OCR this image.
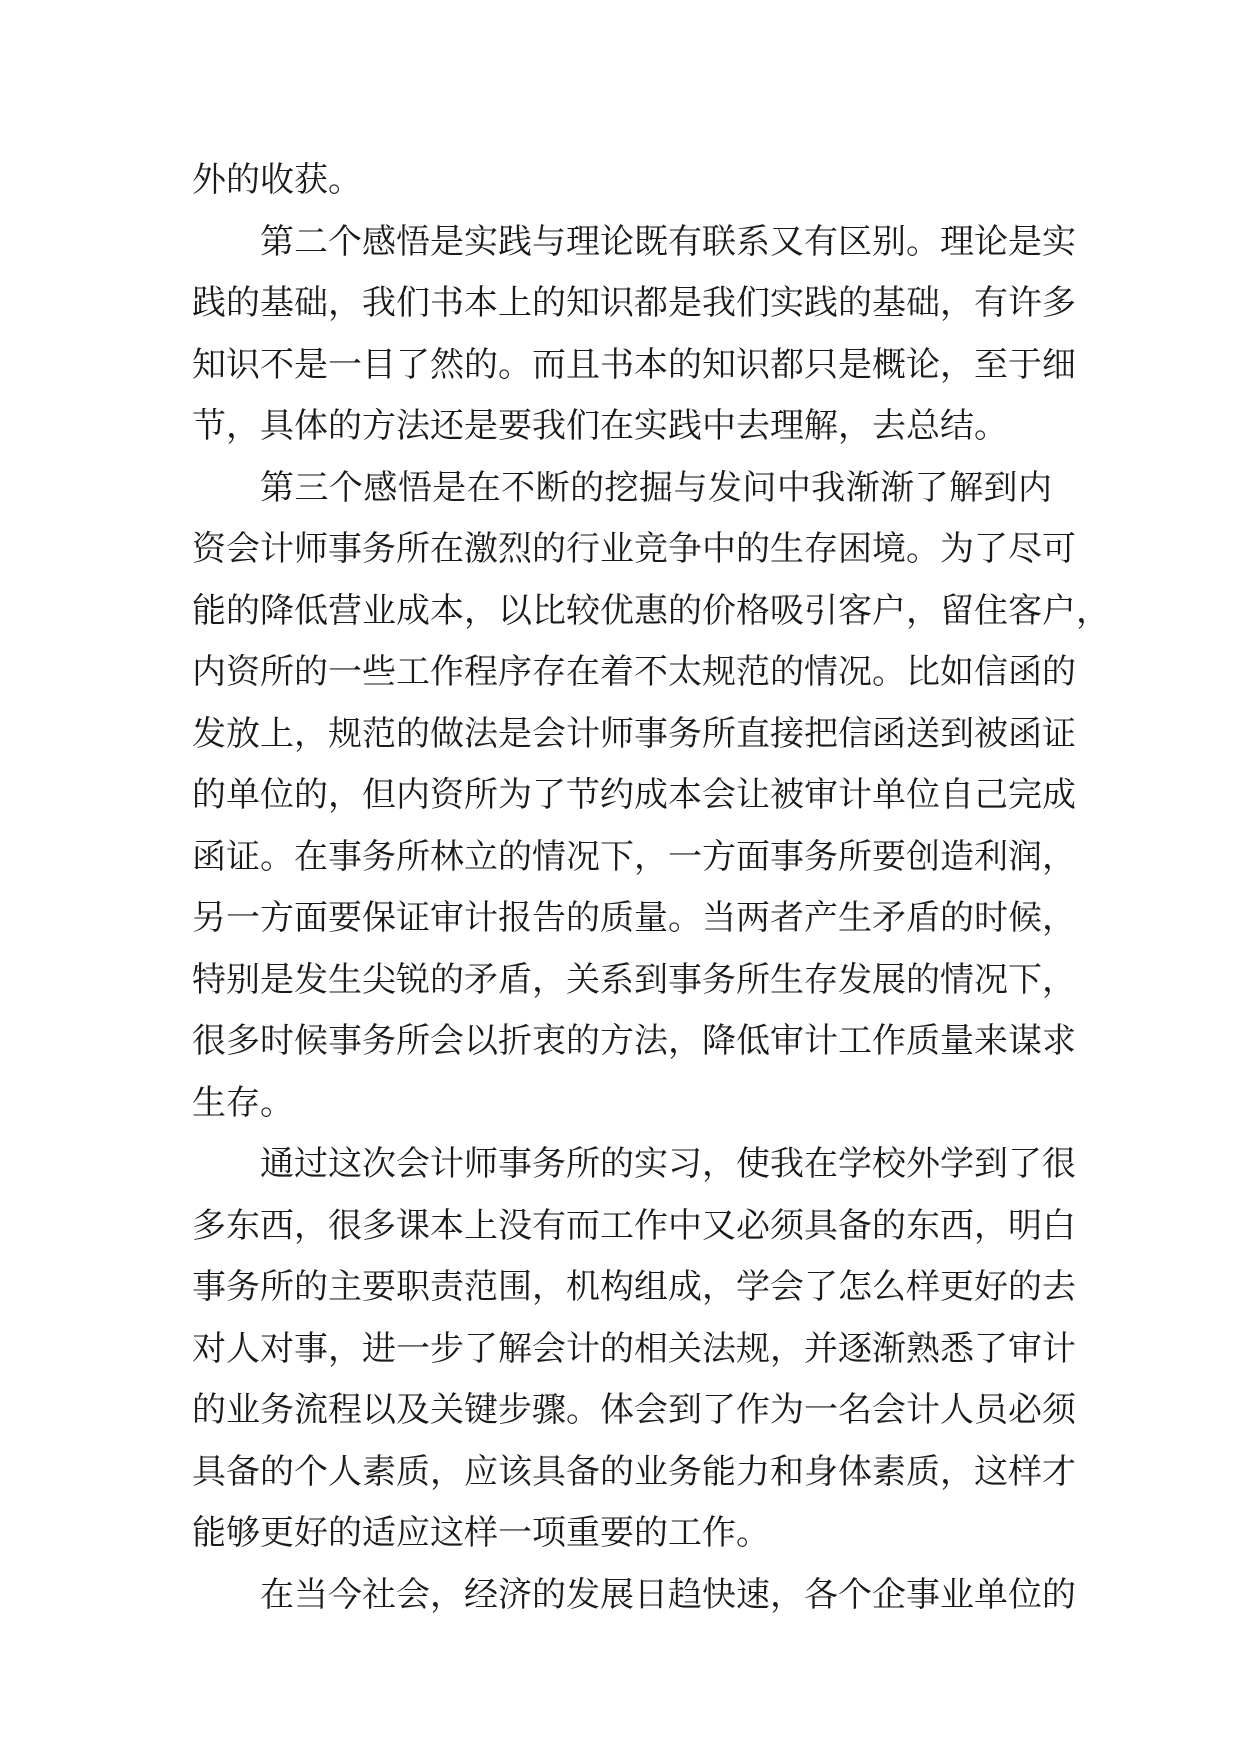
外的收获。
第二个感悟是实践与理论既有联系又有区别。理论是实
践的基础，我们书本上的知识都是我们实践的基础，有许多
知识不是一目了然的。而且书本的知识都只是概论，至于细
节，具体的方法还是要我们在实践中去理解，去总结。
第三个感悟是在不断的挖掘与发问中我渐渐了解到内
资会计师事务所在激烈的行业竞争中的生存困境。为了尽可
能的降低营业成本，以比较优惠的价格吸引客户，留住客户，
内资所的一些工作程序存在着不太规范的情况。比如信函的
发放上，规范的做法是会计师事务所直接把信函送到被函证
的单位的，但内资所为了节约成本会让被审计单位自己完成
函证。在事务所林立的情况下，一方面事务所要创造利润，
另一方面要保证审计报告的质量。当两者产生矛盾的时候，
特别是发生尖锐的矛盾，关系到事务所生存发展的情况下，
很多时候事务所会以折衷的方法，降低审计工作质量来谋求
生存。
通过这次会计师事务所的实习，使我在学校外学到了很
多东西，很多课本上没有而工作中又必须具备的东西，明白
事务所的主要职责范围，机构组成，学会了怎么样更好的去
对人对事，进一步了解会计的相关法规，并逐渐熟悉了审计
的业务流程以及关键步骤。体会到了作为一名会计人员必须
具备的个人素质，应该具备的业务能力和身体素质，这样才
能够更好的适应这样一项重要的工作。
在当今社会，经济的发展日趋快速，各个企事业单位的
